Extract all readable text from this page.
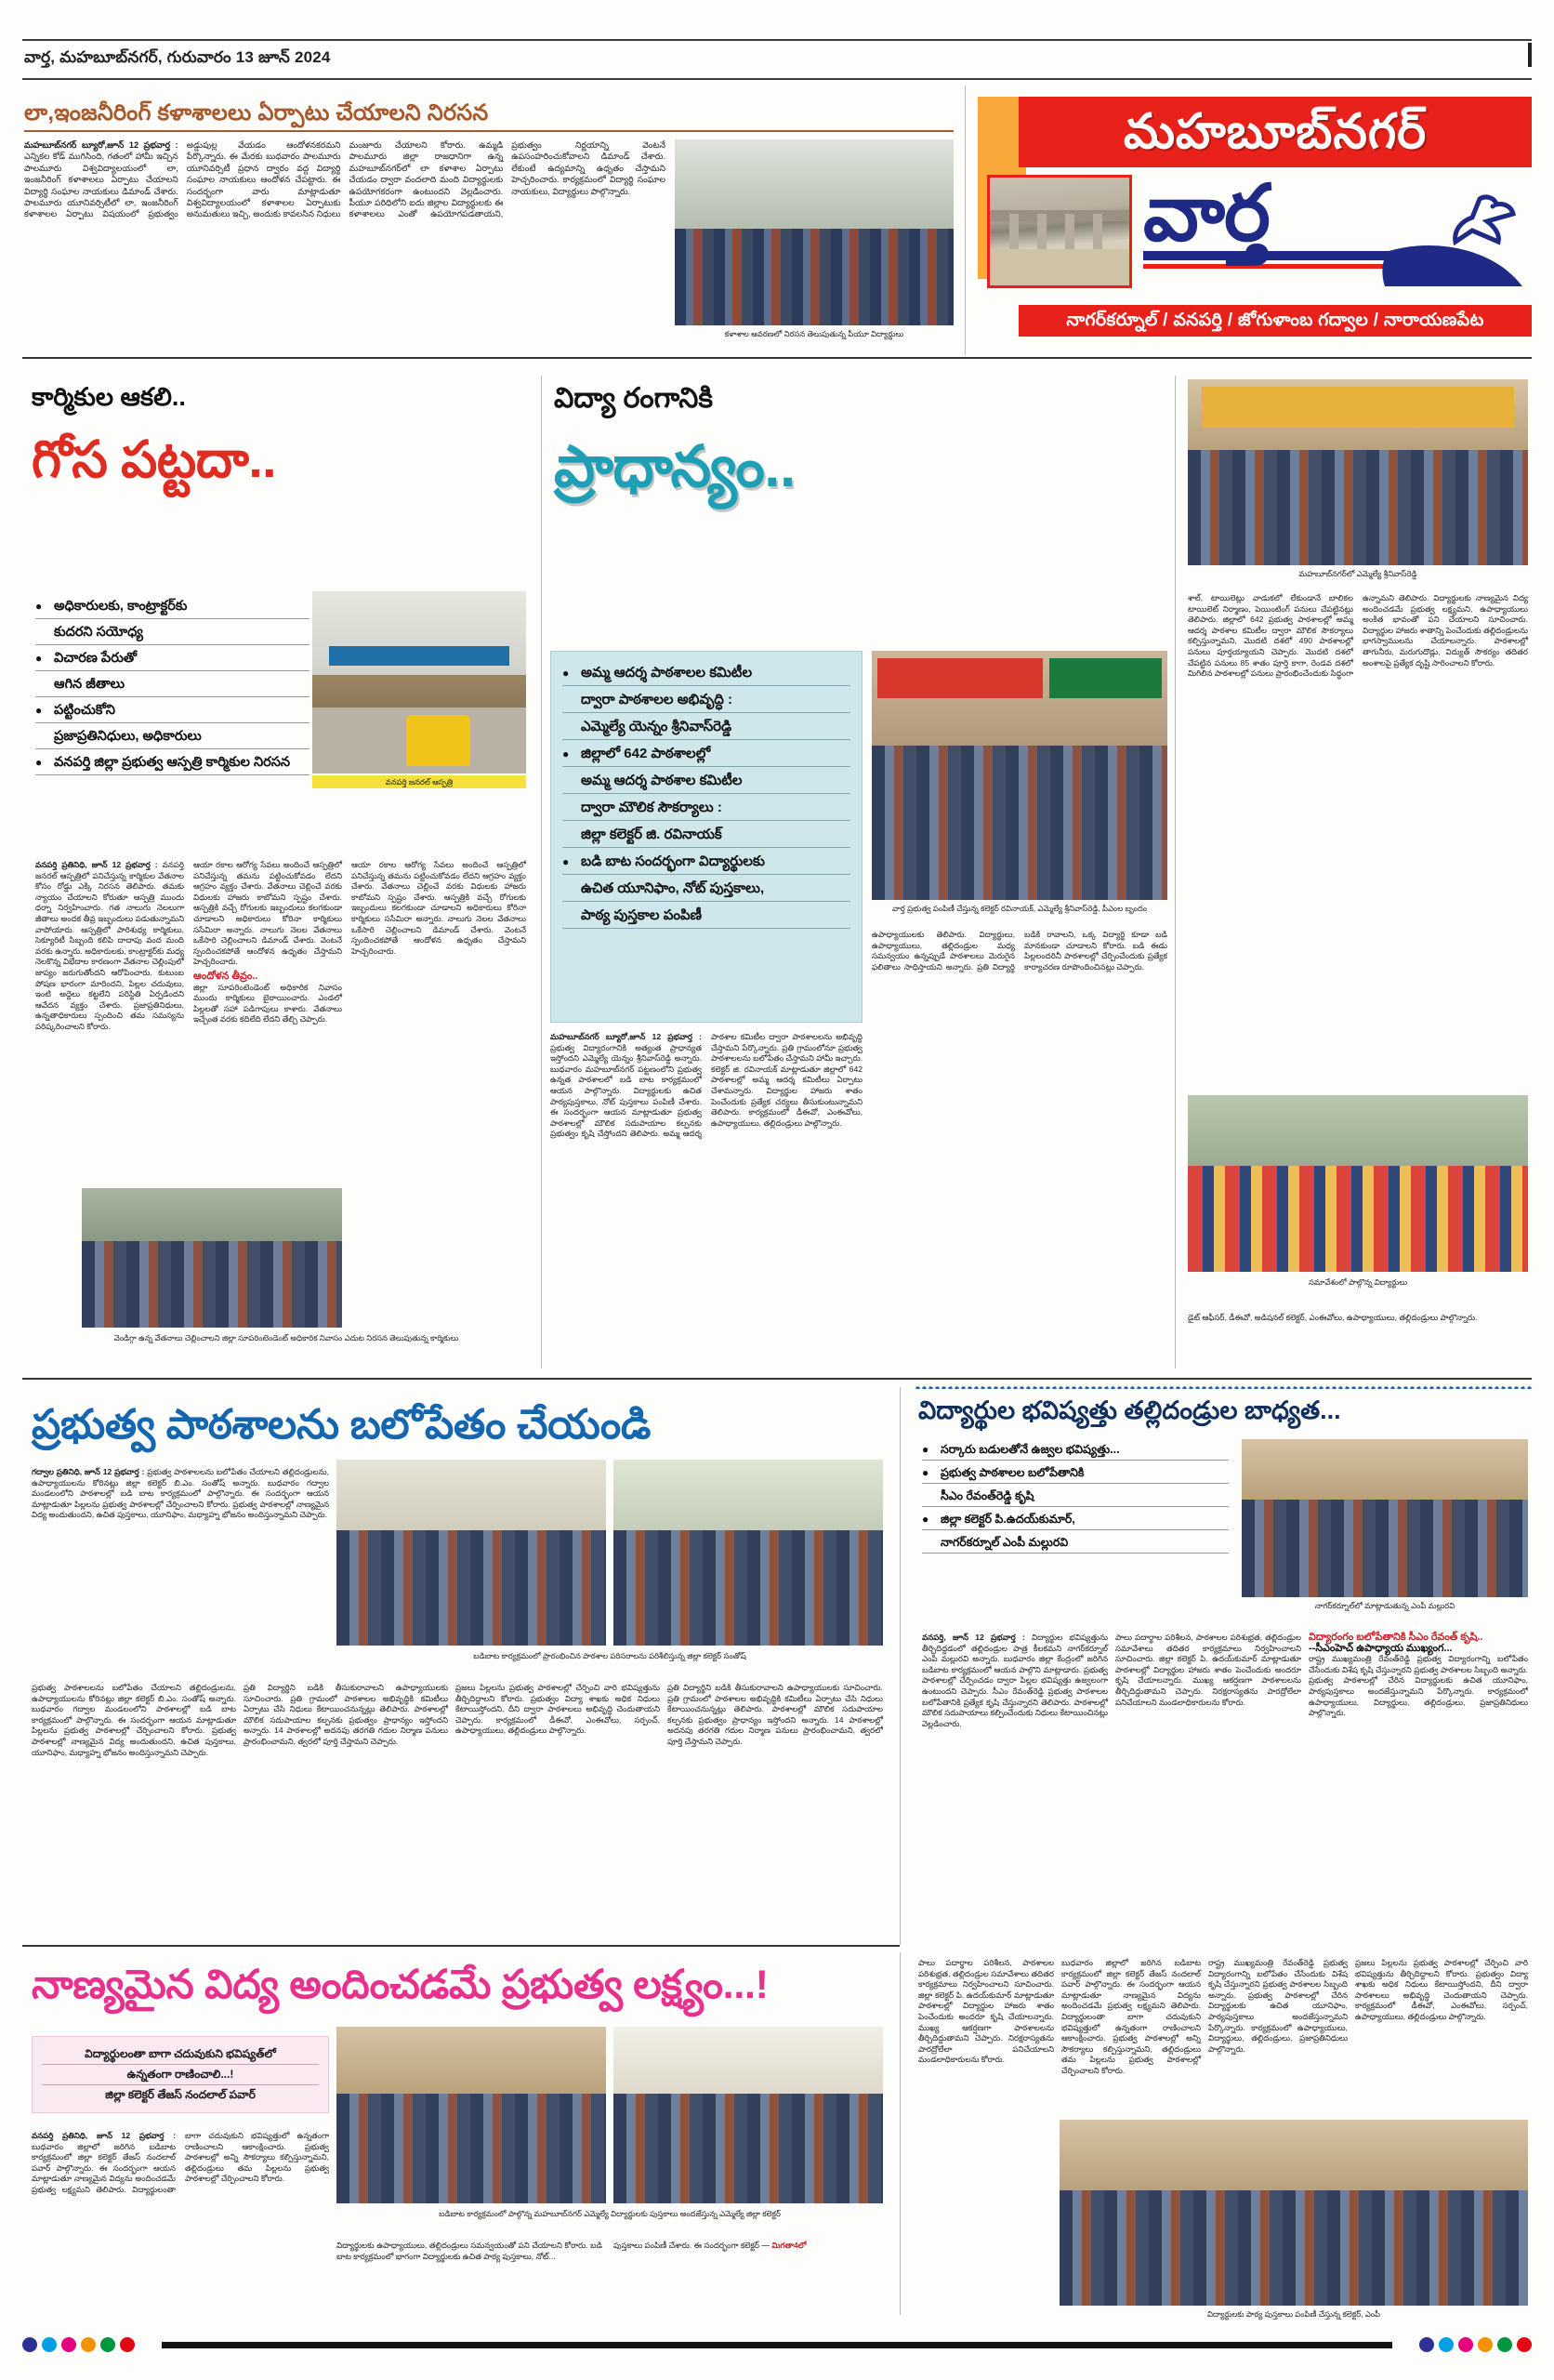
వార్త, మహబూబ్‌నగర్, గురువారం 13 జూన్ 2024
మహబూబ్‌నగర్
వార్త
నాగర్‌కర్నూల్ / వనపర్తి / జోగుళాంబ గద్వాల / నారాయణపేట
లా,ఇంజనీరింగ్ కళాశాలలు ఏర్పాటు చేయాలని నిరసన
మహబూబ్‌నగర్ బ్యూరో,జూన్ 12 ప్రభవార్త : ఎన్నికల కోడ్ ముగిసింది, గతంలో హామీ ఇచ్చిన పాలమూరు విశ్వవిద్యాలయంలో లా, ఇంజనీరింగ్ కళాశాలలు ఏర్పాటు చేయాలని విద్యార్థి సంఘాల నాయకులు డిమాండ్ చేశారు. పాలమూరు యూనివర్సిటీలో లా, ఇంజనీరింగ్ కళాశాలల ఏర్పాటు విషయంలో ప్రభుత్వం అడ్డుపుల్ల వేయడం ఆందోళనకరమని పేర్కొన్నారు. ఈ మేరకు బుధవారం పాలమూరు యూనివర్సిటీ ప్రధాన ద్వారం వద్ద విద్యార్థి సంఘాల నాయకులు ఆందోళన చేపట్టారు. ఈ సందర్భంగా వారు మాట్లాడుతూ విశ్వవిద్యాలయంలో కళాశాలల ఏర్పాటుకు అనుమతులు ఇచ్చి, అందుకు కావలసిన నిధులు మంజూరు చేయాలని కోరారు. ఉమ్మడి పాలమూరు జిల్లా రాజధానిగా ఉన్న మహబూబ్‌నగర్‌లో లా కళాశాల ఏర్పాటు చేయడం ద్వారా వందలాది మంది విద్యార్థులకు ఉపయోగకరంగా ఉంటుందని వెల్లడించారు. పీయూ పరిధిలోని ఐదు జిల్లాల విద్యార్థులకు ఈ కళాశాలలు ఎంతో ఉపయోగపడతాయని, ప్రభుత్వం నిర్ణయాన్ని వెంటనే ఉపసంహరించుకోవాలని డిమాండ్ చేశారు. లేకుంటే ఉద్యమాన్ని ఉధృతం చేస్తామని హెచ్చరించారు. కార్యక్రమంలో విద్యార్థి సంఘాల నాయకులు, విద్యార్థులు పాల్గొన్నారు.
కళాశాల ఆవరణలో నిరసన తెలుపుతున్న పీయూ విద్యార్థులు
కార్మికుల ఆకలి..
గోస పట్టదా..
● అధికారులకు, కాంట్రాక్టర్‌కు
కుదరని సయోధ్య
● విచారణ పేరుతో
ఆగిన జీతాలు
● పట్టించుకోని
ప్రజాప్రతినిధులు, అధికారులు
● వనపర్తి జిల్లా ప్రభుత్వ ఆస్పత్రి కార్మికుల నిరసన
వనపర్తి జనరల్ ఆస్పత్రి
వనపర్తి ప్రతినిధి, జూన్ 12 ప్రభవార్త : వనపర్తి జనరల్ ఆస్పత్రిలో పనిచేస్తున్న కార్మికుల వేతనాల కోసం రోడ్డు ఎక్కి నిరసన తెలిపారు. తమకు న్యాయం చేయాలని కోరుతూ ఆస్పత్రి ముందు ధర్నా నిర్వహించారు. గత నాలుగు నెలలుగా జీతాలు అందక తీవ్ర ఇబ్బందులు పడుతున్నామని వాపోయారు. ఆస్పత్రిలో పారిశుధ్య కార్మికులు, సెక్యూరిటీ సిబ్బంది కలిపి దాదాపు వంద మంది వరకు ఉన్నారు. అధికారులకు, కాంట్రాక్టర్‌కు మధ్య నెలకొన్న విభేదాల కారణంగా వేతనాల చెల్లింపులో జాప్యం జరుగుతోందని ఆరోపించారు. కుటుంబ పోషణ భారంగా మారిందని, పిల్లల చదువులు, ఇంటి అద్దెలు కట్టలేని పరిస్థితి ఏర్పడిందని ఆవేదన వ్యక్తం చేశారు. ప్రజాప్రతినిధులు, ఉన్నతాధికారులు స్పందించి తమ సమస్యను పరిష్కరించాలని కోరారు.
ఆయా రకాల ఆరోగ్య సేవలు అందించే ఆస్పత్రిలో పనిచేస్తున్న తమను పట్టించుకోవడం లేదని ఆగ్రహం వ్యక్తం చేశారు. వేతనాలు చెల్లించే వరకు విధులకు హాజరు కాబోమని స్పష్టం చేశారు. ఆస్పత్రికి వచ్చే రోగులకు ఇబ్బందులు కలగకుండా చూడాలని అధికారులు కోరినా కార్మికులు ససేమిరా అన్నారు. నాలుగు నెలల వేతనాలు ఒకేసారి చెల్లించాలని డిమాండ్ చేశారు. వెంటనే స్పందించకపోతే ఆందోళన ఉధృతం చేస్తామని హెచ్చరించారు.
ఆందోళన తీవ్రం..
జిల్లా సూపరింటెండెంట్ అధికారిక నివాసం ముందు కార్మికులు బైఠాయించారు. ఎండలో పిల్లలతో సహా పడిగాపులు కాశారు. వేతనాలు ఇచ్చేంత వరకు కదిలేది లేదని తేల్చి చెప్పారు.
ఆయా రకాల ఆరోగ్య సేవలు అందించే ఆస్పత్రిలో పనిచేస్తున్న తమను పట్టించుకోవడం లేదని ఆగ్రహం వ్యక్తం చేశారు. వేతనాలు చెల్లించే వరకు విధులకు హాజరు కాబోమని స్పష్టం చేశారు. ఆస్పత్రికి వచ్చే రోగులకు ఇబ్బందులు కలగకుండా చూడాలని అధికారులు కోరినా కార్మికులు ససేమిరా అన్నారు. నాలుగు నెలల వేతనాలు ఒకేసారి చెల్లించాలని డిమాండ్ చేశారు. వెంటనే స్పందించకపోతే ఆందోళన ఉధృతం చేస్తామని హెచ్చరించారు.
వెండిగ్గా ఉన్న వేతనాలు చెల్లించాలని జిల్లా సూపరింటెండెంట్ అధికారిక నివాసం ఎదుట నిరసన తెలుపుతున్న కార్మికులు
విద్యా రంగానికి
ప్రాధాన్యం..
● అమ్మ ఆదర్శ పాఠశాలల కమిటీల
ద్వారా పాఠశాలల అభివృద్ధి :
ఎమ్మెల్యే యెన్నం శ్రీనివాస్‌రెడ్డి
● జిల్లాలో 642 పాఠశాలల్లో
అమ్మ ఆదర్శ పాఠశాల కమిటీల
ద్వారా మౌలిక సౌకర్యాలు :
జిల్లా కలెక్టర్ జి. రవినాయక్
● బడి బాట సందర్భంగా విద్యార్థులకు
ఉచిత యూనిఫాం, నోట్ పుస్తకాలు,
పాఠ్య పుస్తకాల పంపిణీ	వార్త ప్రభుత్వ పంపిణీ చేస్తున్న కలెక్టర్ రవినాయక్, ఎమ్మెల్యే శ్రీనివాస్‌రెడ్డి, పీఎంల బృందం
మహబూబ్‌నగర్ బ్యూరో,జూన్ 12 ప్రభవార్త : ప్రభుత్వ విద్యారంగానికి అత్యంత ప్రాధాన్యత ఇస్తోందని ఎమ్మెల్యే యెన్నం శ్రీనివాస్‌రెడ్డి అన్నారు. బుధవారం మహబూబ్‌నగర్ పట్టణంలోని ప్రభుత్వ ఉన్నత పాఠశాలలో బడి బాట కార్యక్రమంలో ఆయన పాల్గొన్నారు. విద్యార్థులకు ఉచిత పాఠ్యపుస్తకాలు, నోట్ పుస్తకాలు పంపిణీ చేశారు. ఈ సందర్భంగా ఆయన మాట్లాడుతూ ప్రభుత్వ పాఠశాలల్లో మౌలిక సదుపాయాల కల్పనకు ప్రభుత్వం కృషి చేస్తోందని తెలిపారు. అమ్మ ఆదర్శ పాఠశాల కమిటీల ద్వారా పాఠశాలలను అభివృద్ధి చేస్తామని పేర్కొన్నారు. ప్రతి గ్రామంలోనూ ప్రభుత్వ పాఠశాలలను బలోపేతం చేస్తామని హామీ ఇచ్చారు. కలెక్టర్ జి. రవినాయక్ మాట్లాడుతూ జిల్లాలో 642 పాఠశాలల్లో అమ్మ ఆదర్శ కమిటీలు ఏర్పాటు చేశామన్నారు. విద్యార్థుల హాజరు శాతం పెంచేందుకు ప్రత్యేక చర్యలు తీసుకుంటున్నామని తెలిపారు. కార్యక్రమంలో డీఈవో, ఎంఈవోలు, ఉపాధ్యాయులు, తల్లిదండ్రులు పాల్గొన్నారు.
ఉపాధ్యాయులకు తెలిపారు. విద్యార్థులు, ఉపాధ్యాయులు, తల్లిదండ్రుల మధ్య సమన్వయం ఉన్నప్పుడే పాఠశాలలు మెరుగైన ఫలితాలు సాధిస్తాయని అన్నారు. ప్రతి విద్యార్థి బడికి రావాలని, ఒక్క విద్యార్థి కూడా బడి మానకుండా చూడాలని కోరారు. బడి ఈడు పిల్లలందరినీ పాఠశాలల్లో చేర్పించేందుకు ప్రత్యేక కార్యాచరణ రూపొందించినట్లు చెప్పారు.
మహబూబ్‌నగర్‌లో ఎమ్మెల్యే శ్రీనివాస్‌రెడ్డి
శాల్, టాయిలెట్లు వాడుకలో లేకుండానే బాలికల టాయిలెట్ నిర్మాణం, పెయింటింగ్ పనులు చేపట్టినట్లు తెలిపారు. జిల్లాలో 642 ప్రభుత్వ పాఠశాలల్లో అమ్మ ఆదర్శ పాఠశాల కమిటీల ద్వారా మౌలిక సౌకర్యాలు కల్పిస్తున్నామని, మొదటి దశలో 490 పాఠశాలల్లో పనులు పూర్తయ్యాయని చెప్పారు. మొదటి దశలో చేపట్టిన పనులు 85 శాతం పూర్తి కాగా, రెండవ దశలో మిగిలిన పాఠశాలల్లో పనులు ప్రారంభించేందుకు సిద్ధంగా ఉన్నామని తెలిపారు. విద్యార్థులకు నాణ్యమైన విద్య అందించడమే ప్రభుత్వ లక్ష్యమని, ఉపాధ్యాయులు అంకిత భావంతో పని చేయాలని సూచించారు. విద్యార్థుల హాజరు శాతాన్ని పెంచేందుకు తల్లిదండ్రులను భాగస్వాములను చేయాలన్నారు. పాఠశాలల్లో తాగునీరు, మరుగుదొడ్లు, విద్యుత్ సౌకర్యం తదితర అంశాలపై ప్రత్యేక దృష్టి సారించాలని కోరారు.
సమావేశంలో పాల్గొన్న విద్యార్థులు
డైట్ ఆఫీసర్, డీఈవో, అడిషనల్ కలెక్టర్, ఎంఈవోలు, ఉపాధ్యాయులు, తల్లిదండ్రులు పాల్గొన్నారు.
ప్రభుత్వ పాఠశాలను బలోపేతం చేయండి
గద్వాల ప్రతినిధి, జూన్ 12 ప్రభవార్త : ప్రభుత్వ పాఠశాలలను బలోపేతం చేయాలని తల్లిదండ్రులను, ఉపాధ్యాయులను కోరినట్లు జిల్లా కలెక్టర్ బి.ఎం. సంతోష్ అన్నారు. బుధవారం గద్వాల మండలంలోని పాఠశాలల్లో బడి బాట కార్యక్రమంలో పాల్గొన్నారు. ఈ సందర్భంగా ఆయన మాట్లాడుతూ పిల్లలను ప్రభుత్వ పాఠశాలల్లో చేర్పించాలని కోరారు. ప్రభుత్వ పాఠశాలల్లో నాణ్యమైన విద్య అందుతుందని, ఉచిత పుస్తకాలు, యూనిఫాం, మధ్యాహ్న భోజనం అందిస్తున్నామని చెప్పారు.
బడిబాట కార్యక్రమంలో ప్రారంభించిన పాఠశాల పరిసరాలను పరిశీలిస్తున్న జిల్లా కలెక్టర్ సంతోష్
ప్రభుత్వ పాఠశాలలను బలోపేతం చేయాలని తల్లిదండ్రులను, ఉపాధ్యాయులను కోరినట్లు జిల్లా కలెక్టర్ బి.ఎం. సంతోష్ అన్నారు. బుధవారం గద్వాల మండలంలోని పాఠశాలల్లో బడి బాట కార్యక్రమంలో పాల్గొన్నారు. ఈ సందర్భంగా ఆయన మాట్లాడుతూ పిల్లలను ప్రభుత్వ పాఠశాలల్లో చేర్పించాలని కోరారు. ప్రభుత్వ పాఠశాలల్లో నాణ్యమైన విద్య అందుతుందని, ఉచిత పుస్తకాలు, యూనిఫాం, మధ్యాహ్న భోజనం అందిస్తున్నామని చెప్పారు.
ప్రతి విద్యార్థిని బడికి తీసుకురావాలని ఉపాధ్యాయులకు సూచించారు. ప్రతి గ్రామంలో పాఠశాలల అభివృద్ధికి కమిటీలు ఏర్పాటు చేసి నిధులు కేటాయించనున్నట్లు తెలిపారు. పాఠశాలల్లో మౌలిక సదుపాయాల కల్పనకు ప్రభుత్వం ప్రాధాన్యం ఇస్తోందని అన్నారు. 14 పాఠశాలల్లో అదనపు తరగతి గదుల నిర్మాణ పనులు ప్రారంభించామని, త్వరలో పూర్తి చేస్తామని చెప్పారు.
ప్రజలు పిల్లలను ప్రభుత్వ పాఠశాలల్లో చేర్పించి వారి భవిష్యత్తును తీర్చిదిద్దాలని కోరారు. ప్రభుత్వం విద్యా శాఖకు అధిక నిధులు కేటాయిస్తోందని, దీని ద్వారా పాఠశాలలు అభివృద్ధి చెందుతాయని చెప్పారు. కార్యక్రమంలో డీఈవో, ఎంఈవోలు, సర్పంచ్, ఉపాధ్యాయులు, తల్లిదండ్రులు పాల్గొన్నారు.
ప్రతి విద్యార్థిని బడికి తీసుకురావాలని ఉపాధ్యాయులకు సూచించారు. ప్రతి గ్రామంలో పాఠశాలల అభివృద్ధికి కమిటీలు ఏర్పాటు చేసి నిధులు కేటాయించనున్నట్లు తెలిపారు. పాఠశాలల్లో మౌలిక సదుపాయాల కల్పనకు ప్రభుత్వం ప్రాధాన్యం ఇస్తోందని అన్నారు. 14 పాఠశాలల్లో అదనపు తరగతి గదుల నిర్మాణ పనులు ప్రారంభించామని, త్వరలో పూర్తి చేస్తామని చెప్పారు.
విద్యార్థుల భవిష్యత్తు తల్లిదండ్రుల బాధ్యత...
● సర్కారు బడులతోనే ఉజ్వల భవిష్యత్తు...
● ప్రభుత్వ పాఠశాలల బలోపేతానికి
సీఎం రేవంత్‌రెడ్డి కృషి
● జిల్లా కలెక్టర్ పి.ఉదయ్‌కుమార్,
నాగర్‌కర్నూల్ ఎంపీ మల్లురవి
నాగర్‌కర్నూల్‌లో మాట్లాడుతున్న ఎంపీ మల్లురవి
వనపర్తి, జూన్ 12 ప్రభవార్త : విద్యార్థుల భవిష్యత్తును తీర్చిదిద్దడంలో తల్లిదండ్రుల పాత్ర కీలకమని నాగర్‌కర్నూల్ ఎంపీ మల్లురవి అన్నారు. బుధవారం జిల్లా కేంద్రంలో జరిగిన బడిబాట కార్యక్రమంలో ఆయన పాల్గొని మాట్లాడారు. ప్రభుత్వ పాఠశాలల్లో చేర్పించడం ద్వారా పిల్లల భవిష్యత్తు ఉజ్వలంగా ఉంటుందని చెప్పారు. సీఎం రేవంత్‌రెడ్డి ప్రభుత్వ పాఠశాలల బలోపేతానికి ప్రత్యేక కృషి చేస్తున్నారని తెలిపారు. పాఠశాలల్లో మౌలిక సదుపాయాలు కల్పించేందుకు నిధులు కేటాయించినట్లు వెల్లడించారు.
పాలు పదార్థాల పరిశీలన, పాఠశాలల పరిశుభ్రత, తల్లిదండ్రుల సమావేశాలు తదితర కార్యక్రమాలు నిర్వహించాలని సూచించారు. జిల్లా కలెక్టర్ పి. ఉదయ్‌కుమార్ మాట్లాడుతూ పాఠశాలల్లో విద్యార్థుల హాజరు శాతం పెంచేందుకు అందరూ కృషి చేయాలన్నారు. ముఖ్య ఆకర్షణగా పాఠశాలలను తీర్చిదిద్దుతామని చెప్పారు. నిరక్షరాస్యతను పారద్రోలేలా పనిచేయాలని మండలాధికారులను కోరారు.
విద్యారంగం బలోపేతానికి సీఎం రేవంత్ కృషి..
--సీఎంహెచ్ ఉపాధ్యాయ ముఖ్యంగ...
రాష్ట్ర ముఖ్యమంత్రి రేవంత్‌రెడ్డి ప్రభుత్వ విద్యారంగాన్ని బలోపేతం చేసేందుకు విశేష కృషి చేస్తున్నారని ప్రభుత్వ పాఠశాలల సిబ్బంది అన్నారు. ప్రభుత్వ పాఠశాలల్లో చేరిన విద్యార్థులకు ఉచిత యూనిఫాం, పాఠ్యపుస్తకాలు అందజేస్తున్నామని పేర్కొన్నారు. కార్యక్రమంలో ఉపాధ్యాయులు, విద్యార్థులు, తల్లిదండ్రులు, ప్రజాప్రతినిధులు పాల్గొన్నారు.
నాణ్యమైన విద్య అందించడమే ప్రభుత్వ లక్ష్యం...!
విద్యార్థులంతా బాగా చదువుకుని భవిష్యత్‌లో
ఉన్నతంగా రాణించాలి...!
జిల్లా కలెక్టర్ తేజస్ నందలాల్ పవార్
బడిబాట కార్యక్రమంలో పాల్గొన్న మహబూబ్‌నగర్ ఎమ్మెల్యే విద్యార్థులకు పుస్తకాలు అందజేస్తున్న ఎమ్మెల్యే జిల్లా కలెక్టర్
వనపర్తి ప్రతినిధి, జూన్ 12 ప్రభవార్త : బుధవారం జిల్లాలో జరిగిన బడిబాట కార్యక్రమంలో జిల్లా కలెక్టర్ తేజస్ నందలాల్ పవార్ పాల్గొన్నారు. ఈ సందర్భంగా ఆయన మాట్లాడుతూ నాణ్యమైన విద్యను అందించడమే ప్రభుత్వ లక్ష్యమని తెలిపారు. విద్యార్థులంతా బాగా చదువుకుని భవిష్యత్తులో ఉన్నతంగా రాణించాలని ఆకాంక్షించారు. ప్రభుత్వ పాఠశాలల్లో అన్ని సౌకర్యాలు కల్పిస్తున్నామని, తల్లిదండ్రులు తమ పిల్లలను ప్రభుత్వ పాఠశాలల్లో చేర్పించాలని కోరారు.
విద్యార్థులకు ఉపాధ్యాయులు, తల్లిదండ్రులు సమన్వయంతో పని చేయాలని కోరారు. బడి బాట కార్యక్రమంలో భాగంగా విద్యార్థులకు ఉచిత పాఠ్య పుస్తకాలు, నోట్...
పుస్తకాలు పంపిణీ చేశారు. ఈ సందర్భంగా కలెక్టర్ — మిగతా4లో
విద్యార్థులకు పాఠ్య పుస్తకాలు పంపిణీ చేస్తున్న కలెక్టర్, ఎంపీ
పాలు పదార్థాల పరిశీలన, పాఠశాలల పరిశుభ్రత, తల్లిదండ్రుల సమావేశాలు తదితర కార్యక్రమాలు నిర్వహించాలని సూచించారు. జిల్లా కలెక్టర్ పి. ఉదయ్‌కుమార్ మాట్లాడుతూ పాఠశాలల్లో విద్యార్థుల హాజరు శాతం పెంచేందుకు అందరూ కృషి చేయాలన్నారు. ముఖ్య ఆకర్షణగా పాఠశాలలను తీర్చిదిద్దుతామని చెప్పారు. నిరక్షరాస్యతను పారద్రోలేలా పనిచేయాలని మండలాధికారులను కోరారు.
బుధవారం జిల్లాలో జరిగిన బడిబాట కార్యక్రమంలో జిల్లా కలెక్టర్ తేజస్ నందలాల్ పవార్ పాల్గొన్నారు. ఈ సందర్భంగా ఆయన మాట్లాడుతూ నాణ్యమైన విద్యను అందించడమే ప్రభుత్వ లక్ష్యమని తెలిపారు. విద్యార్థులంతా బాగా చదువుకుని భవిష్యత్తులో ఉన్నతంగా రాణించాలని ఆకాంక్షించారు. ప్రభుత్వ పాఠశాలల్లో అన్ని సౌకర్యాలు కల్పిస్తున్నామని, తల్లిదండ్రులు తమ పిల్లలను ప్రభుత్వ పాఠశాలల్లో చేర్పించాలని కోరారు.
రాష్ట్ర ముఖ్యమంత్రి రేవంత్‌రెడ్డి ప్రభుత్వ విద్యారంగాన్ని బలోపేతం చేసేందుకు విశేష కృషి చేస్తున్నారని ప్రభుత్వ పాఠశాలల సిబ్బంది అన్నారు. ప్రభుత్వ పాఠశాలల్లో చేరిన విద్యార్థులకు ఉచిత యూనిఫాం, పాఠ్యపుస్తకాలు అందజేస్తున్నామని పేర్కొన్నారు. కార్యక్రమంలో ఉపాధ్యాయులు, విద్యార్థులు, తల్లిదండ్రులు, ప్రజాప్రతినిధులు పాల్గొన్నారు.
ప్రజలు పిల్లలను ప్రభుత్వ పాఠశాలల్లో చేర్పించి వారి భవిష్యత్తును తీర్చిదిద్దాలని కోరారు. ప్రభుత్వం విద్యా శాఖకు అధిక నిధులు కేటాయిస్తోందని, దీని ద్వారా పాఠశాలలు అభివృద్ధి చెందుతాయని చెప్పారు. కార్యక్రమంలో డీఈవో, ఎంఈవోలు, సర్పంచ్, ఉపాధ్యాయులు, తల్లిదండ్రులు పాల్గొన్నారు.
